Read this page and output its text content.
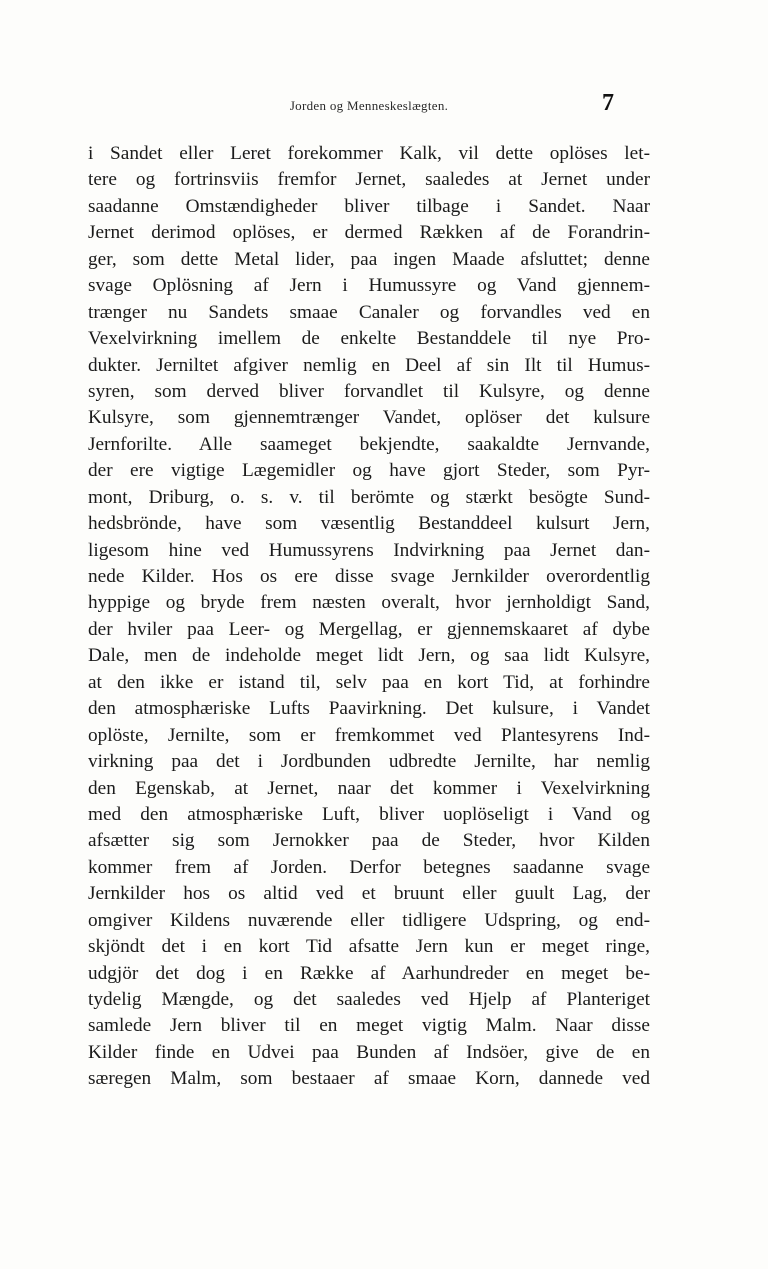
Jorden og Menneskeslægten.	7
i Sandet eller Leret forekommer Kalk, vil dette oplöses let-
tere og fortrinsviis fremfor Jernet, saaledes at Jernet under
saadanne Omstændigheder bliver tilbage i Sandet. Naar
Jernet derimod oplöses, er dermed Rækken af de Forandrin-
ger, som dette Metal lider, paa ingen Maade afsluttet; denne
svage Oplösning af Jern i Humussyre og Vand gjennem-
trænger nu Sandets smaae Canaler og forvandles ved en
Vexelvirkning imellem de enkelte Bestanddele til nye Pro-
dukter. Jerniltet afgiver nemlig en Deel af sin Ilt til Humus-
syren, som derved bliver forvandlet til Kulsyre, og denne
Kulsyre, som gjennemtrænger Vandet, oplöser det kulsure
Jernforilte. Alle saameget bekjendte, saakaldte Jernvande,
der ere vigtige Lægemidler og have gjort Steder, som Pyr-
mont, Driburg, o. s. v. til berömte og stærkt besögte Sund-
hedsbrönde, have som væsentlig Bestanddeel kulsurt Jern,
ligesom hine ved Humussyrens Indvirkning paa Jernet dan-
nede Kilder. Hos os ere disse svage Jernkilder overordentlig
hyppige og bryde frem næsten overalt, hvor jernholdigt Sand,
der hviler paa Leer- og Mergellag, er gjennemskaaret af dybe
Dale, men de indeholde meget lidt Jern, og saa lidt Kulsyre,
at den ikke er istand til, selv paa en kort Tid, at forhindre
den atmosphæriske Lufts Paavirkning. Det kulsure, i Vandet
oplöste, Jernilte, som er fremkommet ved Plantesyrens Ind-
virkning paa det i Jordbunden udbredte Jernilte, har nemlig
den Egenskab, at Jernet, naar det kommer i Vexelvirkning
med den atmosphæriske Luft, bliver uoplöseligt i Vand og
afsætter sig som Jernokker paa de Steder, hvor Kilden
kommer frem af Jorden. Derfor betegnes saadanne svage
Jernkilder hos os altid ved et bruunt eller guult Lag, der
omgiver Kildens nuværende eller tidligere Udspring, og end-
skjöndt det i en kort Tid afsatte Jern kun er meget ringe,
udgjör det dog i en Række af Aarhundreder en meget be-
tydelig Mængde, og det saaledes ved Hjelp af Planteriget
samlede Jern bliver til en meget vigtig Malm. Naar disse
Kilder finde en Udvei paa Bunden af Indsöer, give de en
særegen Malm, som bestaaer af smaae Korn, dannede ved
